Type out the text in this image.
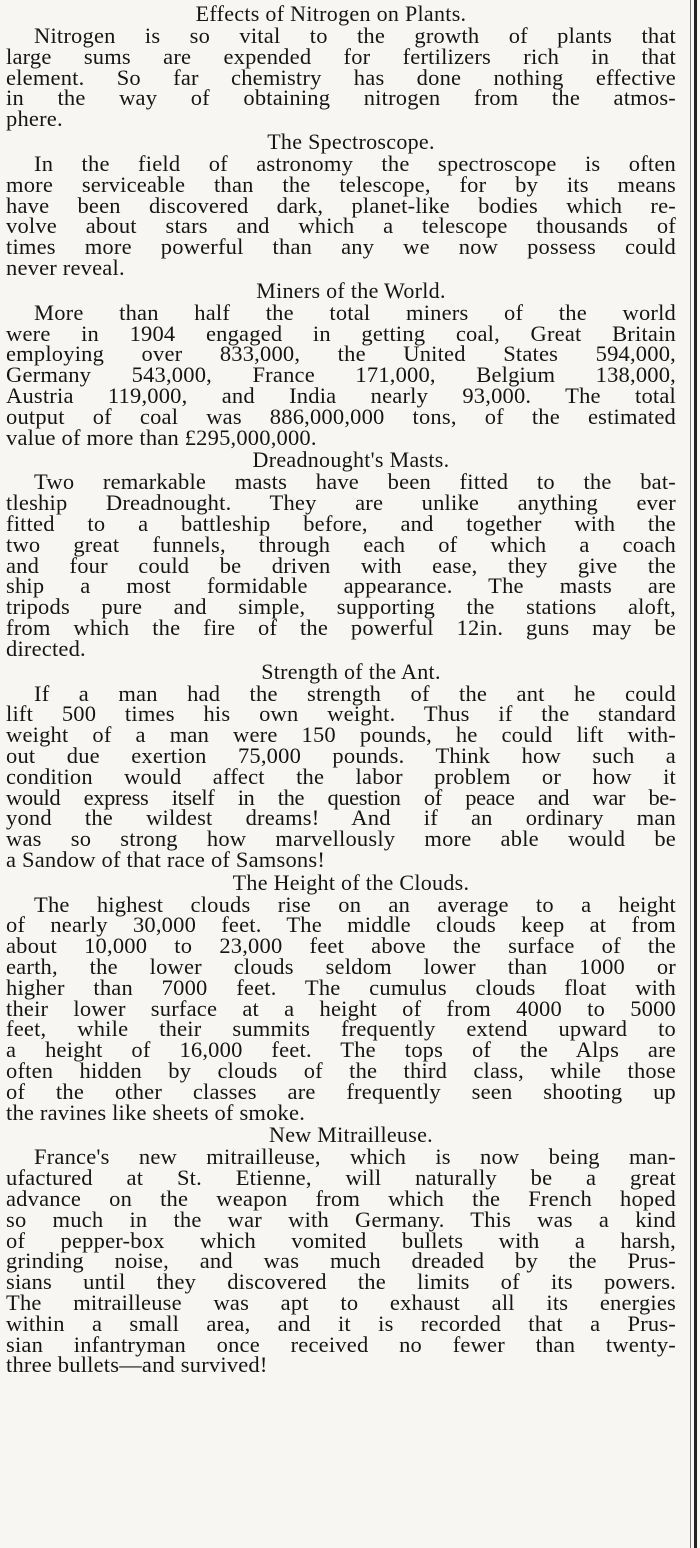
Effects of Nitrogen on Plants.
Nitrogen is so vital to the growth of plants that
large sums are expended for fertilizers rich in that
element. So far chemistry has done nothing effective
in the way of obtaining nitrogen from the atmos-
phere.
The Spectroscope.
In the field of astronomy the spectroscope is often
more serviceable than the telescope, for by its means
have been discovered dark, planet-like bodies which re-
volve about stars and which a telescope thousands of
times more powerful than any we now possess could
never reveal.
Miners of the World.
More than half the total miners of the world
were in 1904 engaged in getting coal, Great Britain
employing over 833,000, the United States 594,000,
Germany 543,000, France 171,000, Belgium 138,000,
Austria 119,000, and India nearly 93,000. The total
output of coal was 886,000,000 tons, of the estimated
value of more than £295,000,000.
Dreadnought's Masts.
Two remarkable masts have been fitted to the bat-
tleship Dreadnought. They are unlike anything ever
fitted to a battleship before, and together with the
two great funnels, through each of which a coach
and four could be driven with ease, they give the
ship a most formidable appearance. The masts are
tripods pure and simple, supporting the stations aloft,
from which the fire of the powerful 12in. guns may be
directed.
Strength of the Ant.
If a man had the strength of the ant he could
lift 500 times his own weight. Thus if the standard
weight of a man were 150 pounds, he could lift with-
out due exertion 75,000 pounds. Think how such a
condition would affect the labor problem or how it
would express itself in the question of peace and war be-
yond the wildest dreams! And if an ordinary man
was so strong how marvellously more able would be
a Sandow of that race of Samsons!
The Height of the Clouds.
The highest clouds rise on an average to a height
of nearly 30,000 feet. The middle clouds keep at from
about 10,000 to 23,000 feet above the surface of the
earth, the lower clouds seldom lower than 1000 or
higher than 7000 feet. The cumulus clouds float with
their lower surface at a height of from 4000 to 5000
feet, while their summits frequently extend upward to
a height of 16,000 feet. The tops of the Alps are
often hidden by clouds of the third class, while those
of the other classes are frequently seen shooting up
the ravines like sheets of smoke.
New Mitrailleuse.
France's new mitrailleuse, which is now being man-
ufactured at St. Etienne, will naturally be a great
advance on the weapon from which the French hoped
so much in the war with Germany. This was a kind
of pepper-box which vomited bullets with a harsh,
grinding noise, and was much dreaded by the Prus-
sians until they discovered the limits of its powers.
The mitrailleuse was apt to exhaust all its energies
within a small area, and it is recorded that a Prus-
sian infantryman once received no fewer than twenty-
three bullets—and survived!
